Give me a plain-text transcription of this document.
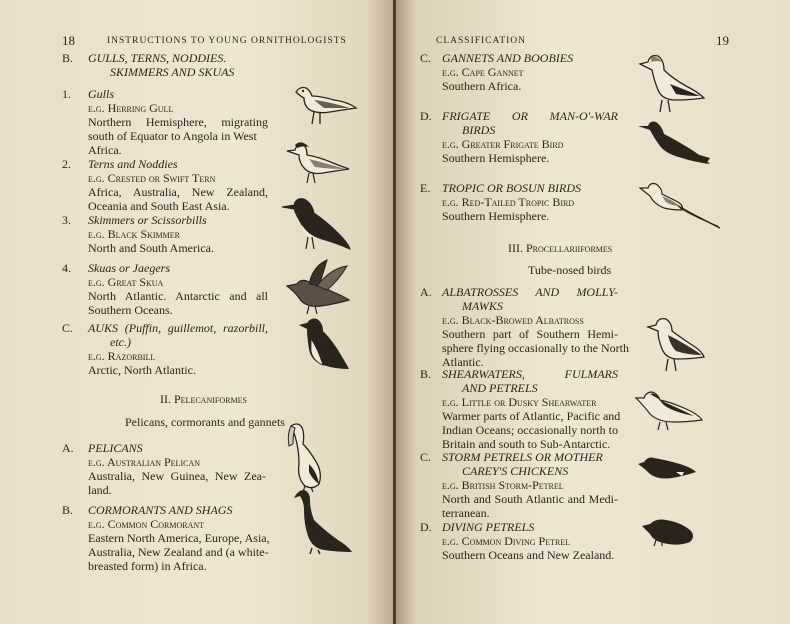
18	INSTRUCTIONS TO YOUNG ORNITHOLOGISTS
B. GULLS, TERNS, NODDIES.
SKIMMERS AND SKUAS
1. Gulls
e.g. Herring Gull
Northern Hemisphere, migrating
south of Equator to Angola in West
Africa.
2. Terns and Noddies
e.g. Crested or Swift Tern
Africa, Australia, New Zealand,
Oceania and South East Asia.
3. Skimmers or Scissorbills
e.g. Black Skimmer
North and South America.
4. Skuas or Jaegers
e.g. Great Skua
North Atlantic. Antarctic and all
Southern Oceans.
C. AUKS (Puffin, guillemot, razorbill,
etc.)
e.g. Razorbill
Arctic, North Atlantic.
II. Pelecaniformes
Pelicans, cormorants and gannets
A. PELICANS
e.g. Australian Pelican
Australia, New Guinea, New Zea-
land.
B. CORMORANTS AND SHAGS
e.g. Common Cormorant
Eastern North America, Europe, Asia,
Australia, New Zealand and (a white-
breasted form) in Africa.
CLASSIFICATION	19
C. GANNETS AND BOOBIES
e.g. Cape Gannet
Southern Africa.
D. FRIGATE OR MAN-O'-WAR
BIRDS
e.g. Greater Frigate Bird
Southern Hemisphere.
E. TROPIC OR BOSUN BIRDS
e.g. Red-Tailed Tropic Bird
Southern Hemisphere.
III. Procellariiformes
Tube-nosed birds
A. ALBATROSSES AND MOLLY-
MAWKS
e.g. Black-Browed Albatross
Southern part of Southern Hemi-
sphere flying occasionally to the North
Atlantic.
B. SHEARWATERS, FULMARS
AND PETRELS
e.g. Little or Dusky Shearwater
Warmer parts of Atlantic, Pacific and
Indian Oceans; occasionally north to
Britain and south to Sub-Antarctic.
C. STORM PETRELS OR MOTHER
CAREY'S CHICKENS
e.g. British Storm-Petrel
North and South Atlantic and Medi-
terranean.
D. DIVING PETRELS
e.g. Common Diving Petrel
Southern Oceans and New Zealand.
